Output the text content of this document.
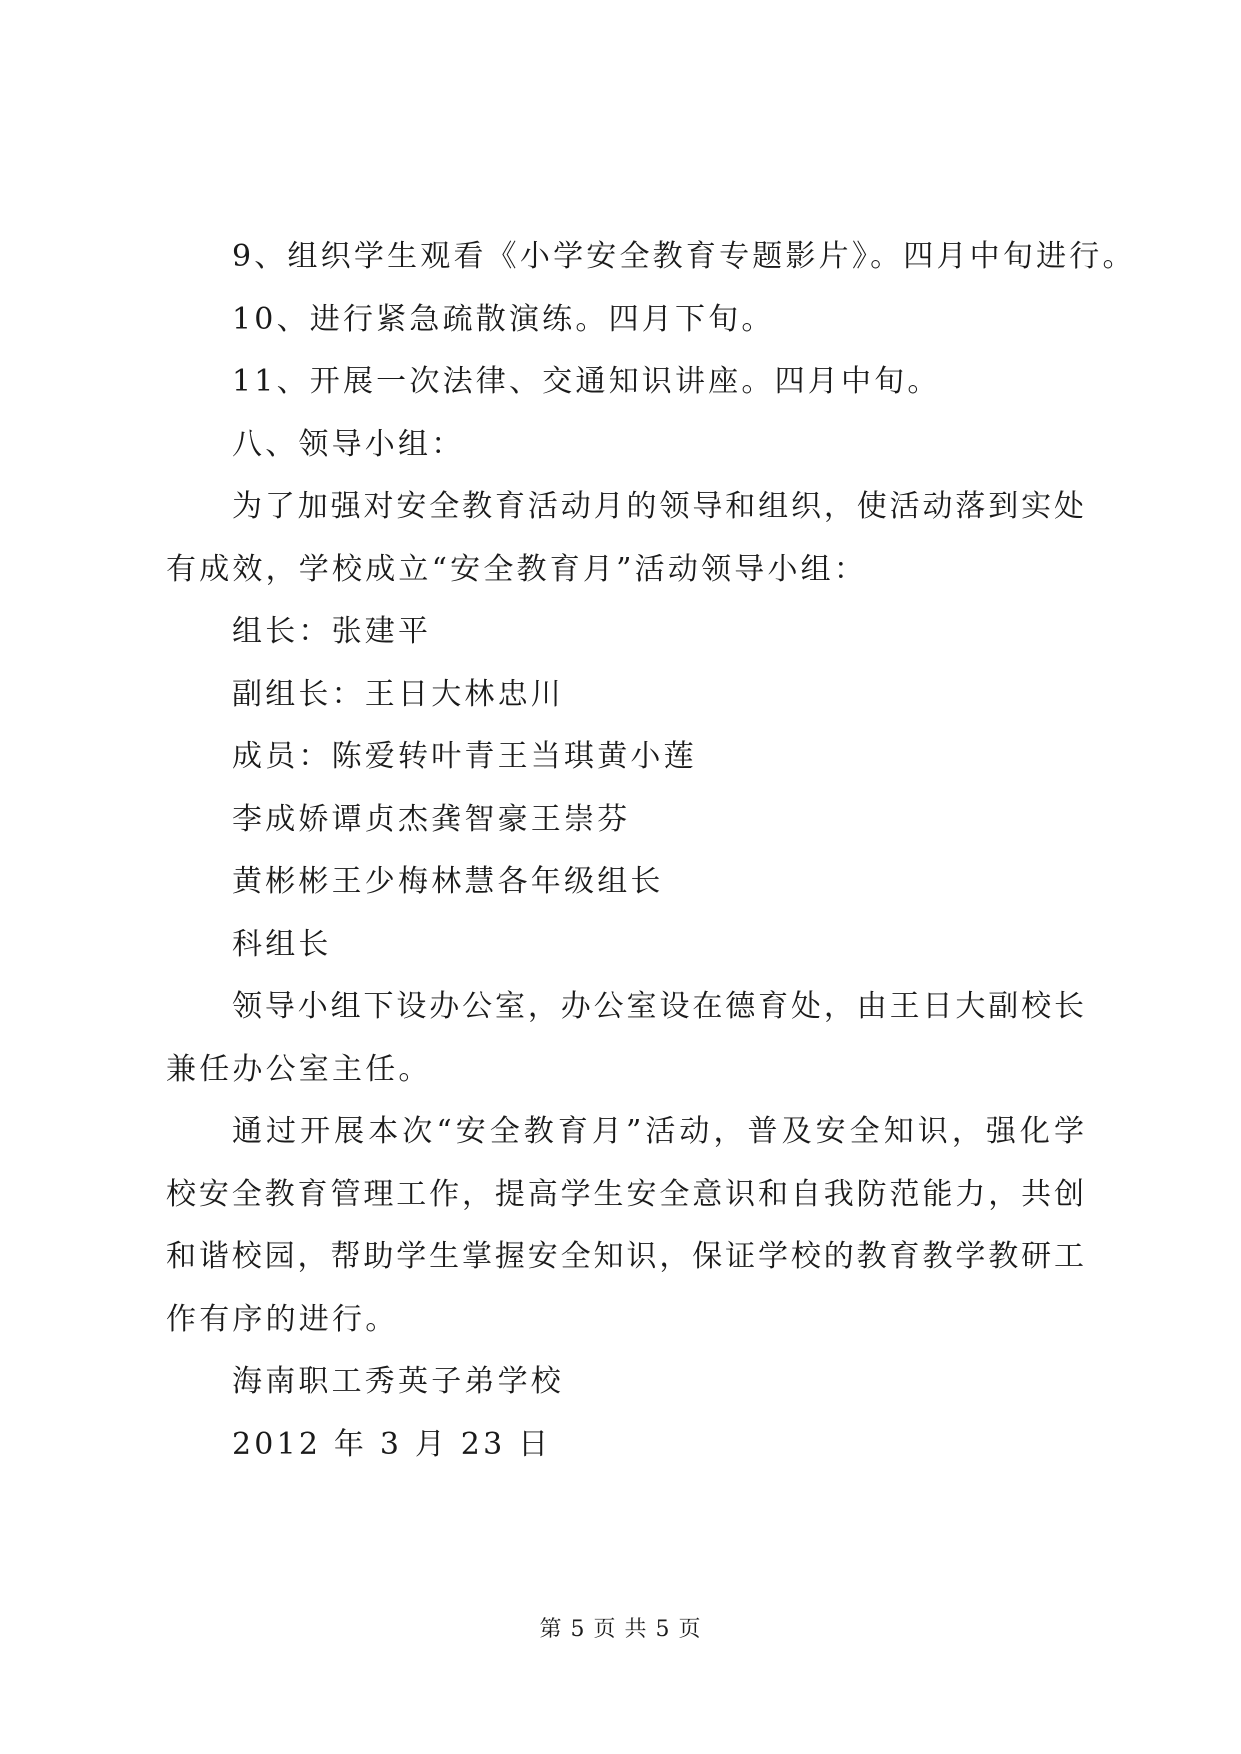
9、组织学生观看《小学安全教育专题影片》。四月中旬进行。
10、进行紧急疏散演练。四月下旬。
11、开展一次法律、交通知识讲座。四月中旬。
八、领导小组：
为了加强对安全教育活动月的领导和组织，使活动落到实处
有成效，学校成立“安全教育月”活动领导小组：
组长：张建平
副组长：王日大林忠川
成员：陈爱转叶青王当琪黄小莲
李成娇谭贞杰龚智豪王崇芬
黄彬彬王少梅林慧各年级组长
科组长
领导小组下设办公室，办公室设在德育处，由王日大副校长
兼任办公室主任。
通过开展本次“安全教育月”活动，普及安全知识，强化学
校安全教育管理工作，提高学生安全意识和自我防范能力，共创
和谐校园，帮助学生掌握安全知识，保证学校的教育教学教研工
作有序的进行。
海南职工秀英子弟学校
2012 年 3 月 23 日
第 5 页 共 5 页
